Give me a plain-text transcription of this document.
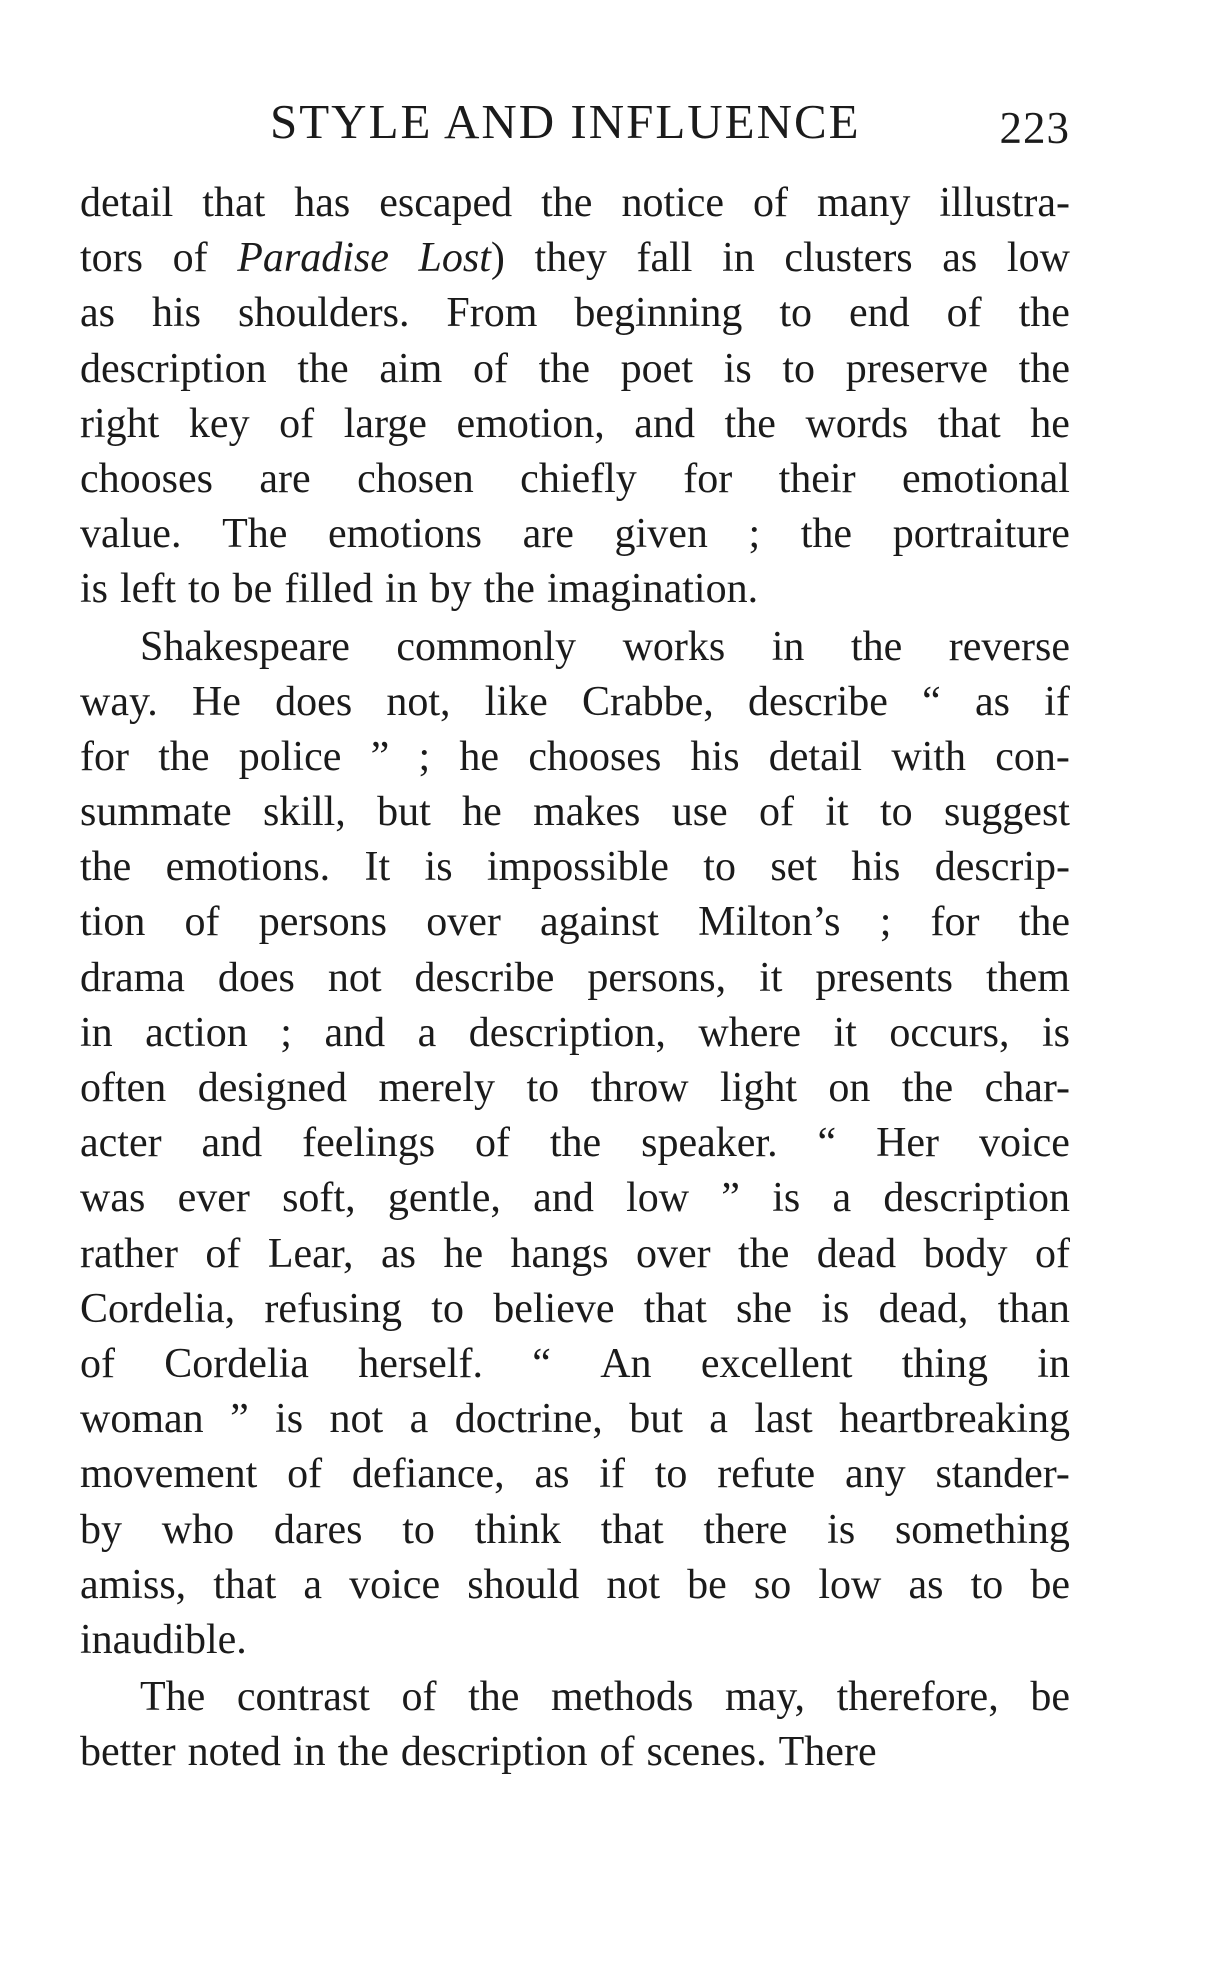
STYLE AND INFLUENCE	223
detail that has escaped the notice of many illustra-
tors of Paradise Lost) they fall in clusters as low
as his shoulders. From beginning to end of the
description the aim of the poet is to preserve the
right key of large emotion, and the words that he
chooses are chosen chiefly for their emotional
value. The emotions are given ; the portraiture
is left to be filled in by the imagination.
Shakespeare commonly works in the reverse
way. He does not, like Crabbe, describe “ as if
for the police ” ; he chooses his detail with con-
summate skill, but he makes use of it to suggest
the emotions. It is impossible to set his descrip-
tion of persons over against Milton’s ; for the
drama does not describe persons, it presents them
in action ; and a description, where it occurs, is
often designed merely to throw light on the char-
acter and feelings of the speaker. “ Her voice
was ever soft, gentle, and low ” is a description
rather of Lear, as he hangs over the dead body of
Cordelia, refusing to believe that she is dead, than
of Cordelia herself. “ An excellent thing in
woman ” is not a doctrine, but a last heartbreaking
movement of defiance, as if to refute any stander-
by who dares to think that there is something
amiss, that a voice should not be so low as to be
inaudible.
The contrast of the methods may, therefore, be
better noted in the description of scenes. There
